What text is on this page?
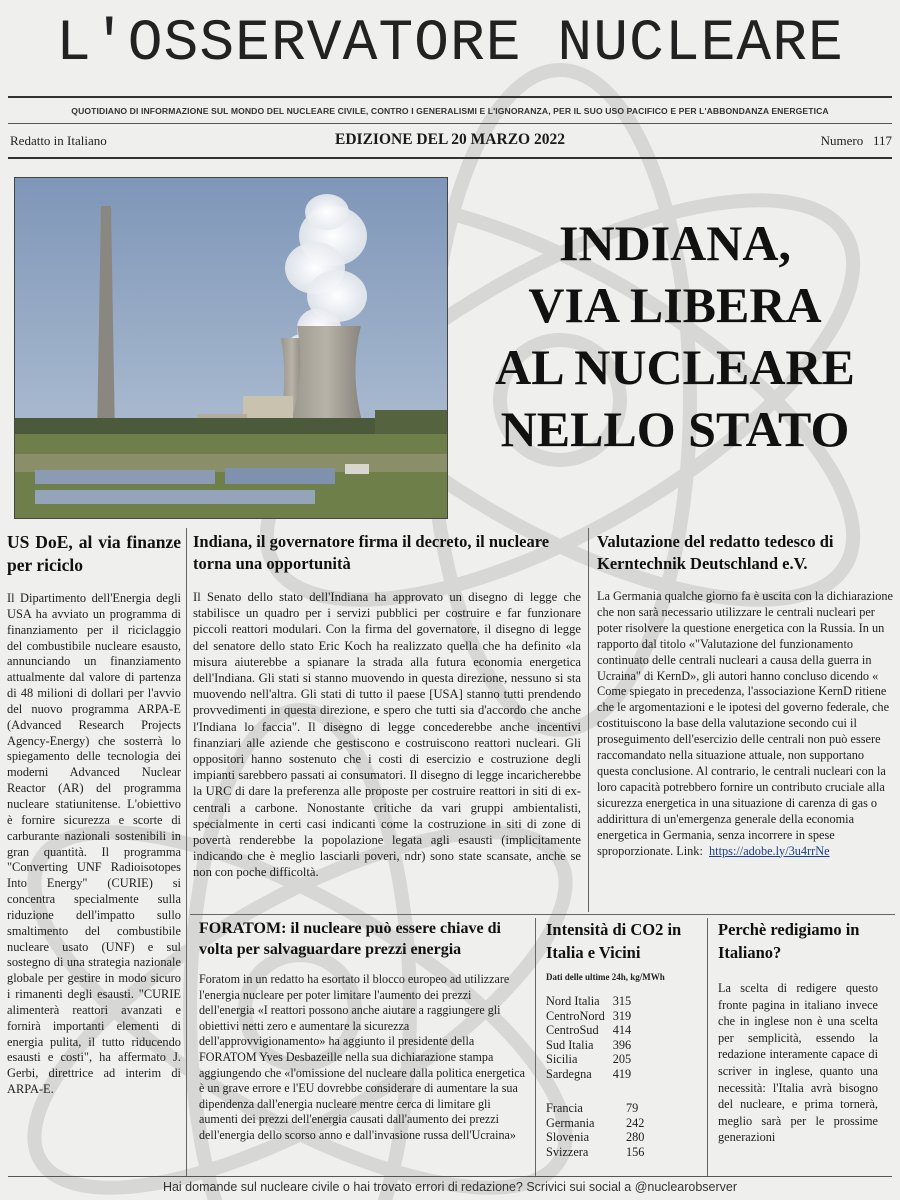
L'OSSERVATORE NUCLEARE
QUOTIDIANO DI INFORMAZIONE SUL MONDO DEL NUCLEARE CIVILE, CONTRO I GENERALISMI E L'IGNORANZA, PER IL SUO USO PACIFICO E PER L'ABBONDANZA ENERGETICA
Redatto in Italiano	EDIZIONE DEL 20 MARZO 2022	Numero 117
INDIANA,
VIA LIBERA
AL NUCLEARE
NELLO STATO
US DoE, al via finanze per riciclo

Il Dipartimento dell'Energia degli USA ha avviato un programma di finanziamento per il riciclaggio del combustibile nucleare esausto, annunciando un finanziamento attualmente dal valore di partenza di 48 milioni di dollari per l'avvio del nuovo programma ARPA-E (Advanced Research Projects Agency-Energy) che sosterrà lo spiegamento delle tecnologia dei moderni Advanced Nuclear Reactor (AR) del programma nucleare statiunitense. L'obiettivo è fornire sicurezza e scorte di carburante nazionali sostenibili in gran quantità. Il programma "Converting UNF Radioisotopes Into Energy" (CURIE) si concentra specialmente sulla riduzione dell'impatto sullo smaltimento del combustibile nucleare usato (UNF) e sul sostegno di una strategia nazionale globale per gestire in modo sicuro i rimanenti degli esausti. "CURIE alimenterà reattori avanzati e fornirà importanti elementi di energia pulita, il tutto riducendo esausti e costi", ha affermato J. Gerbi, direttrice ad interim di ARPA-E.

Indiana, il governatore firma il decreto, il nucleare torna una opportunità

Il Senato dello stato dell'Indiana ha approvato un disegno di legge che stabilisce un quadro per i servizi pubblici per costruire e far funzionare piccoli reattori modulari. Con la firma del governatore, il disegno di legge del senatore dello stato Eric Koch ha realizzato quella che ha definito «la misura aiuterebbe a spianare la strada alla futura economia energetica dell'Indiana. Gli stati si stanno muovendo in questa direzione, nessuno si sta muovendo nell'altra. Gli stati di tutto il paese [USA] stanno tutti prendendo provvedimenti in questa direzione, e spero che tutti sia d'accordo che anche l'Indiana lo faccia". Il disegno di legge concederebbe anche incentivi finanziari alle aziende che gestiscono e costruiscono reattori nucleari. Gli oppositori hanno sostenuto che i costi di esercizio e costruzione degli impianti sarebbero passati ai consumatori. Il disegno di legge incaricherebbe la URC di dare la preferenza alle proposte per costruire reattori in siti di ex-centrali a carbone. Nonostante critiche da vari gruppi ambientalisti, specialmente in certi casi indicanti come la costruzione in siti di zone di povertà renderebbe la popolazione legata agli esausti (implicitamente indicando che è meglio lasciarli poveri, ndr) sono state scansate, anche se non con poche difficoltà.

Valutazione del redatto tedesco di Kerntechnik Deutschland e.V.

La Germania qualche giorno fa è uscita con la dichiarazione che non sarà necessario utilizzare le centrali nucleari per poter risolvere la questione energetica con la Russia. In un rapporto dal titolo «"Valutazione del funzionamento continuato delle centrali nucleari a causa della guerra in Ucraina" di KernD», gli autori hanno concluso dicendo « Come spiegato in precedenza, l'associazione KernD ritiene che le argomentazioni e le ipotesi del governo federale, che costituiscono la base della valutazione secondo cui il proseguimento dell'esercizio delle centrali non può essere raccomandato nella situazione attuale, non supportano questa conclusione. Al contrario, le centrali nucleari con la loro capacità potrebbero fornire un contributo cruciale alla sicurezza energetica in una situazione di carenza di gas o addirittura di un'emergenza generale della economia energetica in Germania, senza incorrere in spese sproporzionate. Link: https://adobe.ly/3u4rrNe

FORATOM: il nucleare può essere chiave di volta per salvaguardare prezzi energia

Foratom in un redatto ha esortato il blocco europeo ad utilizzare l'energia nucleare per poter limitare l'aumento dei prezzi dell'energia «I reattori possono anche aiutare a raggiungere gli obiettivi netti zero e aumentare la sicurezza dell'approvvigionamento» ha aggiunto il presidente della FORATOM Yves Desbazeille nella sua dichiarazione stampa aggiungendo che «l'omissione del nucleare dalla politica energetica è un grave errore e l'EU dovrebbe considerare di aumentare la sua dipendenza dall'energia nucleare mentre cerca di limitare gli aumenti dei prezzi dell'energia causati dall'aumento dei prezzi dell'energia dello scorso anno e dall'invasione russa dell'Ucraina»

Intensità di CO2 in Italia e Vicini
Dati delle ultime 24h, kg/MWh
Nord Italia	315
CentroNord	319
CentroSud	414
Sud Italia	396
Sicilia	205
Sardegna	419
Francia	79
Germania	242
Slovenia	280
Svizzera	156
Perchè redigiamo in Italiano?

La scelta di redigere questo fronte pagina in italiano invece che in inglese non è una scelta per semplicità, essendo la redazione interamente capace di scriver in inglese, quanto una necessità: l'Italia avrà bisogno del nucleare, e prima tornerà, meglio sarà per le prossime generazioni

Hai domande sul nucleare civile o hai trovato errori di redazione? Scrivici sui social a @nuclearobserver
